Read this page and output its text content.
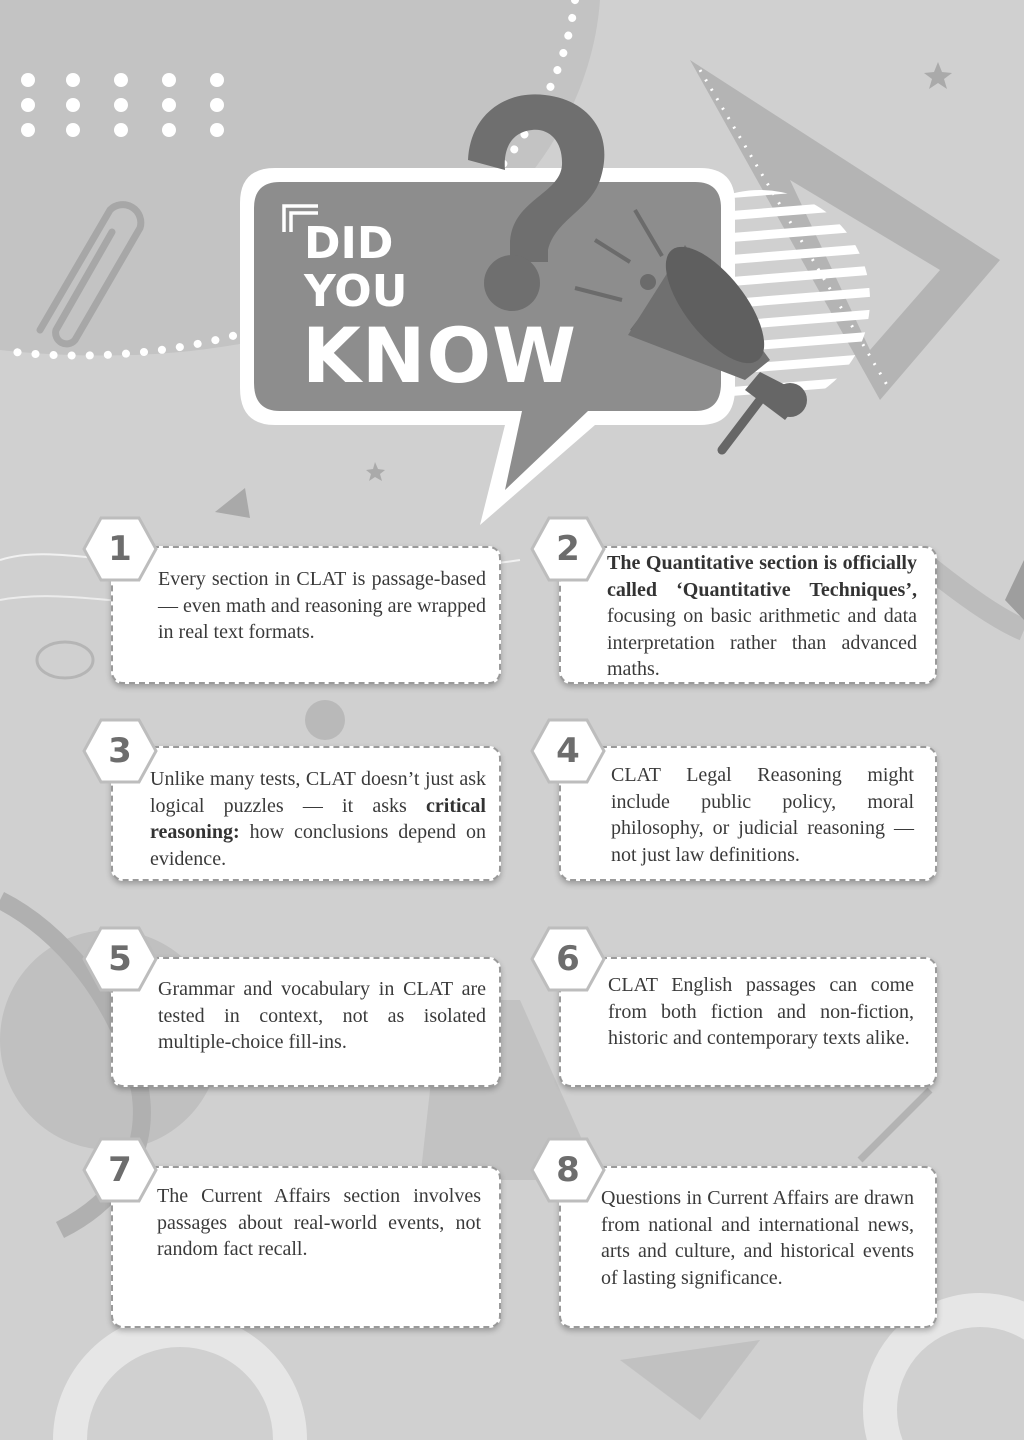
DID
YOU
KNOW
1
Every section in CLAT is passage-based — even math and reasoning are wrapped in real text formats.
2	The Quantitative section is officially called ‘Quantitative Techniques’, focusing on basic arithmetic and data interpretation rather than advanced maths.
3
Unlike many tests, CLAT doesn’t just ask logical puzzles — it asks critical reasoning: how conclusions depend on evidence.
4
CLAT Legal Reasoning might include public policy, moral philosophy, or judicial reasoning — not just law definitions.
5
Grammar and vocabulary in CLAT are tested in context, not as isolated multiple-choice fill-ins.
6
CLAT English passages can come from both fiction and non-fiction, historic and contemporary texts alike.
7
The Current Affairs section involves passages about real-world events, not random fact recall.
8
Questions in Current Affairs are drawn from national and international news, arts and culture, and historical events of lasting significance.
